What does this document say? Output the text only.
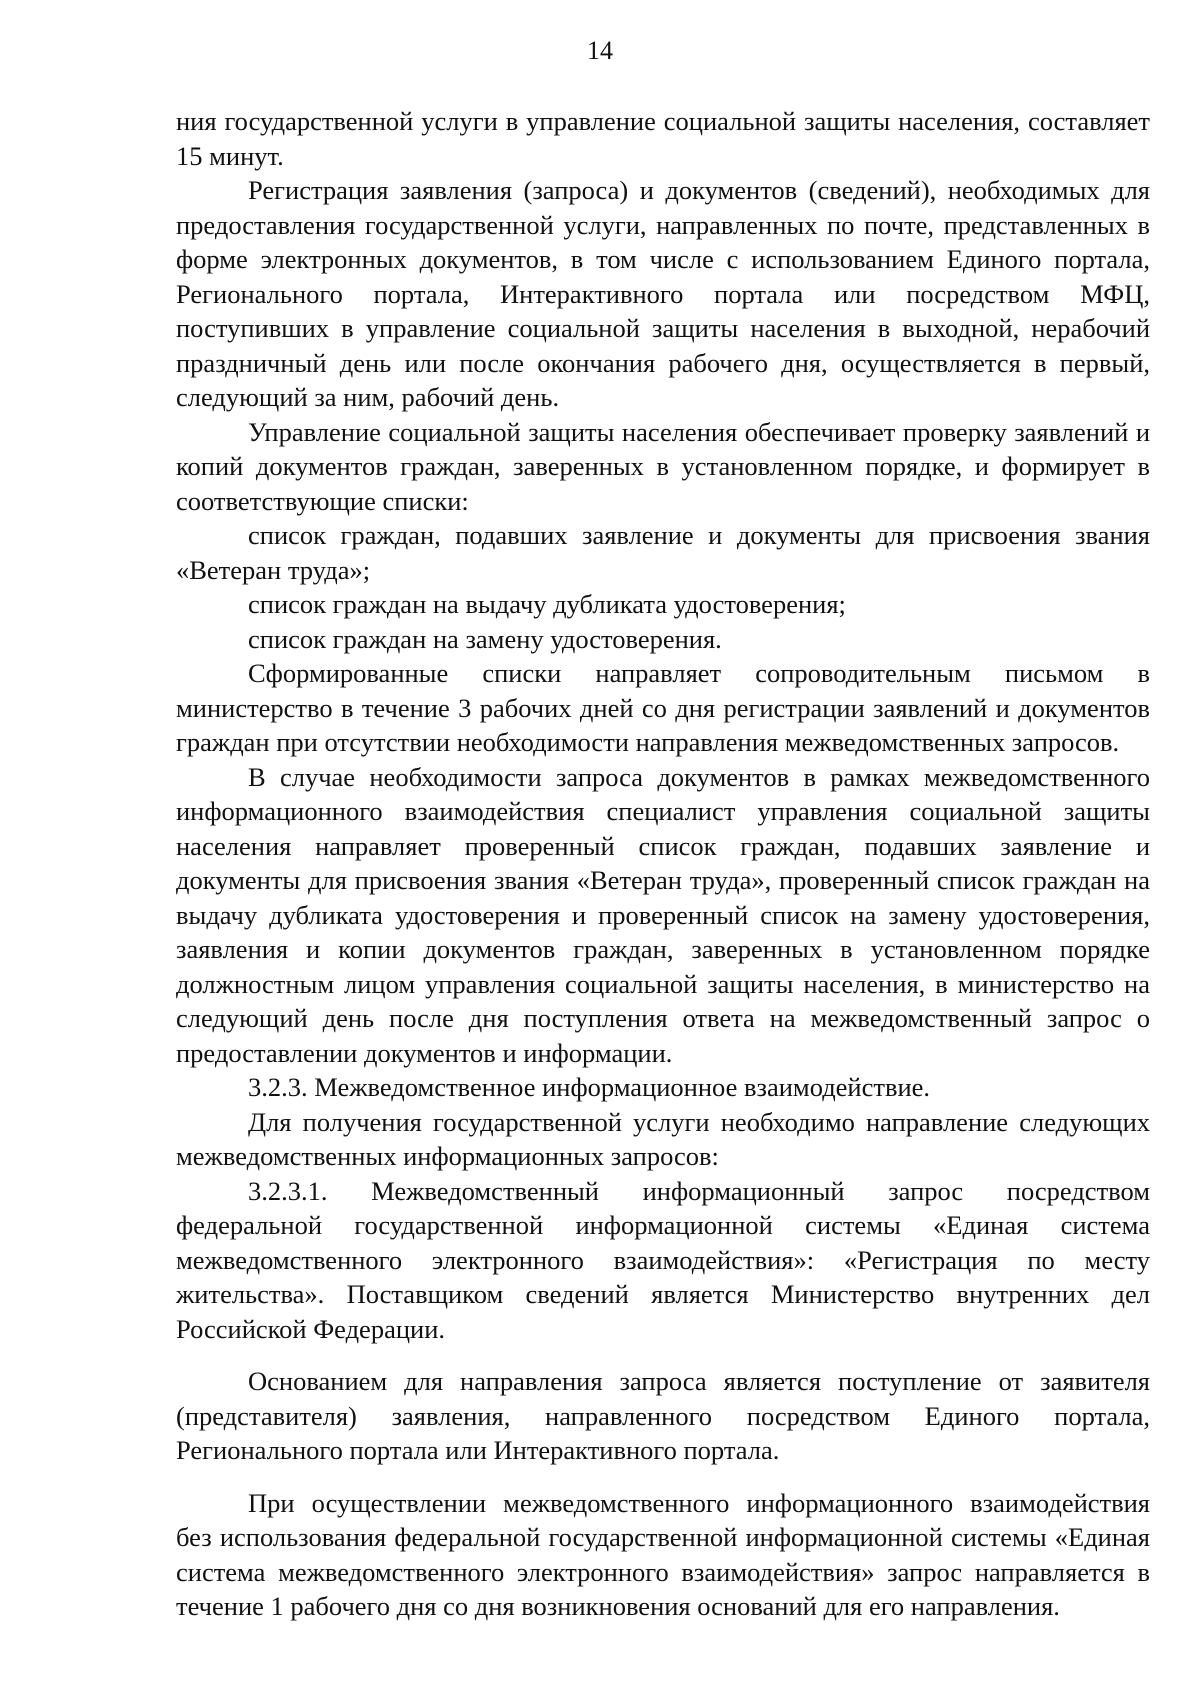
14

ния государственной услуги в управление социальной защиты населения, составляет 15 минут.

Регистрация заявления (запроса) и документов (сведений), необходимых для предоставления государственной услуги, направленных по почте, представленных в форме электронных документов, в том числе с использованием Единого портала, Регионального портала, Интерактивного портала или посредством МФЦ, поступивших в управление социальной защиты населения в выходной, нерабочий праздничный день или после окончания рабочего дня, осуществляется в первый, следующий за ним, рабочий день.

Управление социальной защиты населения обеспечивает проверку заявлений и копий документов граждан, заверенных в установленном порядке, и формирует в соответствующие списки:

список граждан, подавших заявление и документы для присвоения звания «Ветеран труда»;

список граждан на выдачу дубликата удостоверения;

список граждан на замену удостоверения.

Сформированные списки направляет сопроводительным письмом в министерство в течение 3 рабочих дней со дня регистрации заявлений и документов граждан при отсутствии необходимости направления межведомственных запросов.

В случае необходимости запроса документов в рамках межведомственного информационного взаимодействия специалист управления социальной защиты населения направляет проверенный список граждан, подавших заявление и документы для присвоения звания «Ветеран труда», проверенный список граждан на выдачу дубликата удостоверения и проверенный список на замену удостоверения, заявления и копии документов граждан, заверенных в установленном порядке должностным лицом управления социальной защиты населения, в министерство на следующий день после дня поступления ответа на межведомственный запрос о предоставлении документов и информации.

3.2.3. Межведомственное информационное взаимодействие.

Для получения государственной услуги необходимо направление следующих межведомственных информационных запросов:

3.2.3.1. Межведомственный информационный запрос посредством федеральной государственной информационной системы «Единая система межведомственного электронного взаимодействия»: «Регистрация по месту жительства». Поставщиком сведений является Министерство внутренних дел Российской Федерации.

Основанием для направления запроса является поступление от заявителя (представителя) заявления, направленного посредством Единого портала, Регионального портала или Интерактивного портала.

При осуществлении межведомственного информационного взаимодействия без использования федеральной государственной информационной системы «Единая система межведомственного электронного взаимодействия» запрос направляется в течение 1 рабочего дня со дня возникновения оснований для его направления.
